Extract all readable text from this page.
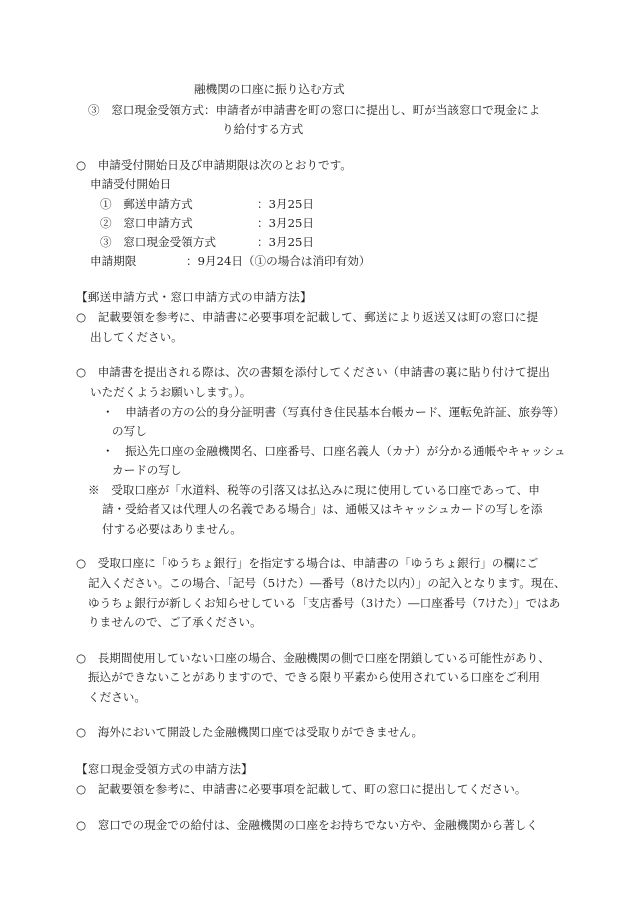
融機関の口座に振り込む方式
③　窓口現金受領方式：申請者が申請書を町の窓口に提出し、町が当該窓口で現金によ
り給付する方式
○　申請受付開始日及び申請期限は次のとおりです。
申請受付開始日
①　郵送申請方式	：3月25日
②　窓口申請方式	：3月25日
③　窓口現金受領方式	：3月25日
申請期限	：9月24日（①の場合は消印有効）
【郵送申請方式・窓口申請方式の申請方法】
○　記載要領を参考に、申請書に必要事項を記載して、郵送により返送又は町の窓口に提
出してください。
○　申請書を提出される際は、次の書類を添付してください（申請書の裏に貼り付けて提出
いただくようお願いします。）。
・　申請者の方の公的身分証明書（写真付き住民基本台帳カード、運転免許証、旅券等）
の写し
・　振込先口座の金融機関名、口座番号、口座名義人（カナ）が分かる通帳やキャッシュ
カードの写し
※　受取口座が「水道料、税等の引落又は払込みに現に使用している口座であって、申
請・受給者又は代理人の名義である場合」は、通帳又はキャッシュカードの写しを添
付する必要はありません。
○　受取口座に「ゆうちょ銀行」を指定する場合は、申請書の「ゆうちょ銀行」の欄にご
記入ください。この場合、「記号（5けた）―番号（8けた以内）」の記入となります。現在、
ゆうちょ銀行が新しくお知らせしている「支店番号（3けた）―口座番号（7けた）」ではあ
りませんので、ご了承ください。
○　長期間使用していない口座の場合、金融機関の側で口座を閉鎖している可能性があり、
振込ができないことがありますので、できる限り平素から使用されている口座をご利用
ください。
○　海外において開設した金融機関口座では受取りができません。
【窓口現金受領方式の申請方法】
○　記載要領を参考に、申請書に必要事項を記載して、町の窓口に提出してください。
○　窓口での現金での給付は、金融機関の口座をお持ちでない方や、金融機関から著しく
